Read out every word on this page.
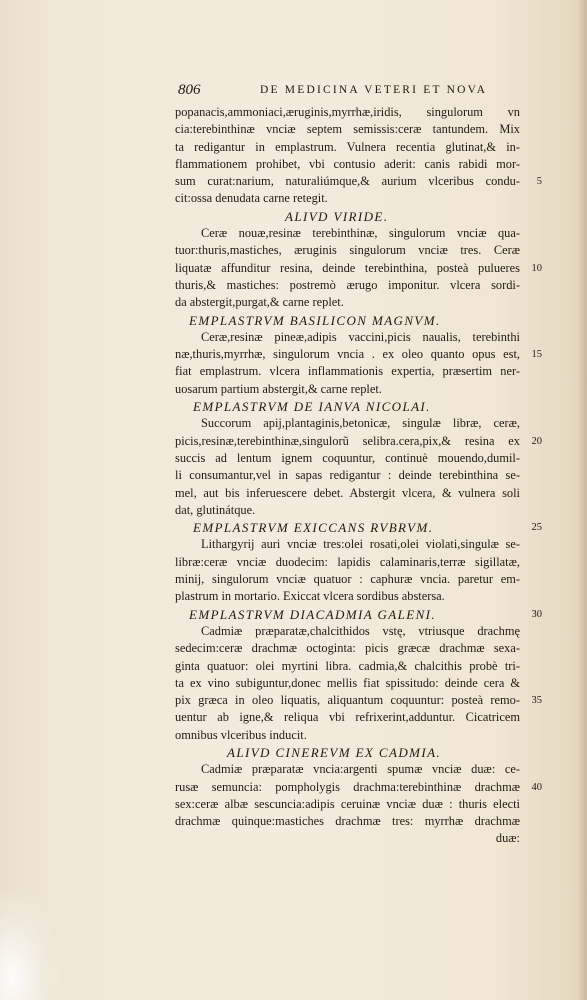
806	DE MEDICINA VETERI ET NOVA
popanacis,ammoniaci,æruginis,myrrhæ,iridis, singulorum vn
cia:terebinthinæ vnciæ septem semissis:ceræ tantundem. Mix
ta redigantur in emplastrum. Vulnera recentia glutinat,& in-
flammationem prohibet, vbi contusio aderit: canis rabidi mor-
sum curat:narium, naturaliúmque,& aurium vlceribus condu- 5
cit:ossa denudata carne retegit.
ALIVD VIRIDE.
Ceræ nouæ,resinæ terebinthinæ, singulorum vnciæ qua-
tuor:thuris,mastiches, æruginis singulorum vnciæ tres. Ceræ
liquatæ affunditur resina, deinde terebinthina, posteà pulueres 10
thuris,& mastiches: postremò ærugo imponitur. vlcera sordi-
da abstergit,purgat,& carne replet.
EMPLASTRVM BASILICON MAGNVM.
Ceræ,resinæ pineæ,adipis vaccini,picis naualis, terebinthi
næ,thuris,myrrhæ, singulorum vncia . ex oleo quanto opus est, 15
fiat emplastrum. vlcera inflammationis expertia, præsertim ner-
uosarum partium abstergit,& carne replet.
EMPLASTRVM DE IANVA NICOLAI.
Succorum apij,plantaginis,betonicæ, singulæ libræ, ceræ,
picis,resinæ,terebinthinæ,singulorũ selibra.cera,pix,& resina ex 20
succis ad lentum ignem coquuntur, continuè mouendo,dumil-
li consumantur,vel in sapas redigantur : deinde terebinthina se-
mel, aut bis inferuescere debet. Abstergit vlcera, & vulnera soli
dat, glutinátque.
EMPLASTRVM EXICCANS RVBRVM.	25
Lithargyrij auri vnciæ tres:olei rosati,olei violati,singulæ se-
libræ:ceræ vnciæ duodecim: lapidis calaminaris,terræ sigillatæ,
minij, singulorum vnciæ quatuor : caphuræ vncia. paretur em-
plastrum in mortario. Exiccat vlcera sordibus abstersa.
EMPLASTRVM DIACADMIA GALENI.	30
Cadmiæ præparatæ,chalcithidos vstę, vtriusque drachmę
sedecim:ceræ drachmæ octoginta: picis græcæ drachmæ sexa-
ginta quatuor: olei myrtini libra. cadmia,& chalcithis probè tri-
ta ex vino subiguntur,donec mellis fiat spissitudo: deinde cera &
pix græca in oleo liquatis, aliquantum coquuntur: posteà remo- 35
uentur ab igne,& reliqua vbi refrixerint,adduntur. Cicatricem
omnibus vlceribus inducit.
ALIVD CINEREVM EX CADMIA.
Cadmiæ præparatæ vncia:argenti spumæ vnciæ duæ: ce-
rusæ semuncia: pompholygis drachma:terebinthinæ drachmæ 40
sex:ceræ albæ sescuncia:adipis ceruinæ vnciæ duæ : thuris electi
drachmæ quinque:mastiches drachmæ tres: myrrhæ drachmæ
duæ:
